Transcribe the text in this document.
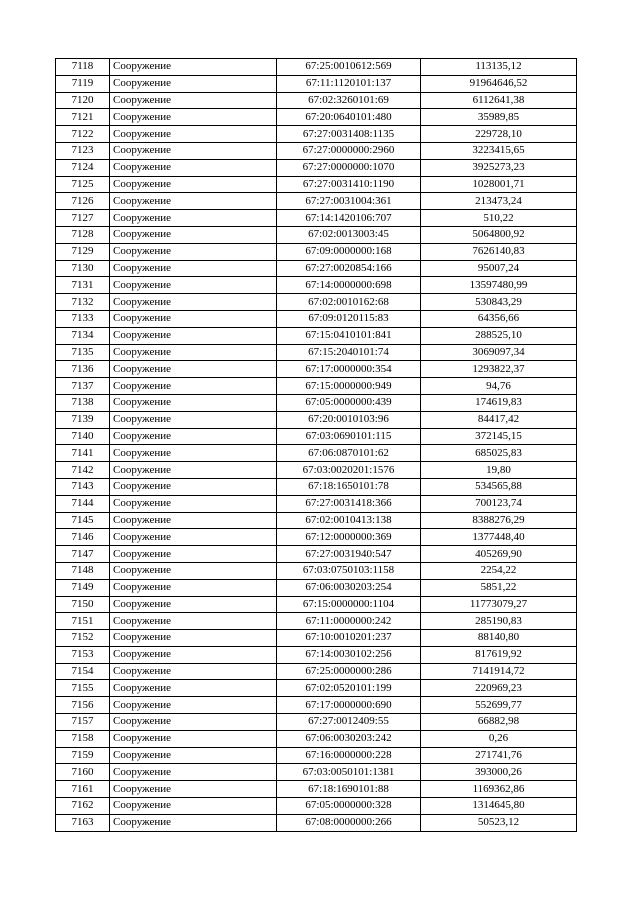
7118	Сооружение	67:25:0010612:569	113135,12
7119	Сооружение	67:11:1120101:137	91964646,52
7120	Сооружение	67:02:3260101:69	6112641,38
7121	Сооружение	67:20:0640101:480	35989,85
7122	Сооружение	67:27:0031408:1135	229728,10
7123	Сооружение	67:27:0000000:2960	3223415,65
7124	Сооружение	67:27:0000000:1070	3925273,23
7125	Сооружение	67:27:0031410:1190	1028001,71
7126	Сооружение	67:27:0031004:361	213473,24
7127	Сооружение	67:14:1420106:707	510,22
7128	Сооружение	67:02:0013003:45	5064800,92
7129	Сооружение	67:09:0000000:168	7626140,83
7130	Сооружение	67:27:0020854:166	95007,24
7131	Сооружение	67:14:0000000:698	13597480,99
7132	Сооружение	67:02:0010162:68	530843,29
7133	Сооружение	67:09:0120115:83	64356,66
7134	Сооружение	67:15:0410101:841	288525,10
7135	Сооружение	67:15:2040101:74	3069097,34
7136	Сооружение	67:17:0000000:354	1293822,37
7137	Сооружение	67:15:0000000:949	94,76
7138	Сооружение	67:05:0000000:439	174619,83
7139	Сооружение	67:20:0010103:96	84417,42
7140	Сооружение	67:03:0690101:115	372145,15
7141	Сооружение	67:06:0870101:62	685025,83
7142	Сооружение	67:03:0020201:1576	19,80
7143	Сооружение	67:18:1650101:78	534565,88
7144	Сооружение	67:27:0031418:366	700123,74
7145	Сооружение	67:02:0010413:138	8388276,29
7146	Сооружение	67:12:0000000:369	1377448,40
7147	Сооружение	67:27:0031940:547	405269,90
7148	Сооружение	67:03:0750103:1158	2254,22
7149	Сооружение	67:06:0030203:254	5851,22
7150	Сооружение	67:15:0000000:1104	11773079,27
7151	Сооружение	67:11:0000000:242	285190,83
7152	Сооружение	67:10:0010201:237	88140,80
7153	Сооружение	67:14:0030102:256	817619,92
7154	Сооружение	67:25:0000000:286	7141914,72
7155	Сооружение	67:02:0520101:199	220969,23
7156	Сооружение	67:17:0000000:690	552699,77
7157	Сооружение	67:27:0012409:55	66882,98
7158	Сооружение	67:06:0030203:242	0,26
7159	Сооружение	67:16:0000000:228	271741,76
7160	Сооружение	67:03:0050101:1381	393000,26
7161	Сооружение	67:18:1690101:88	1169362,86
7162	Сооружение	67:05:0000000:328	1314645,80
7163	Сооружение	67:08:0000000:266	50523,12
